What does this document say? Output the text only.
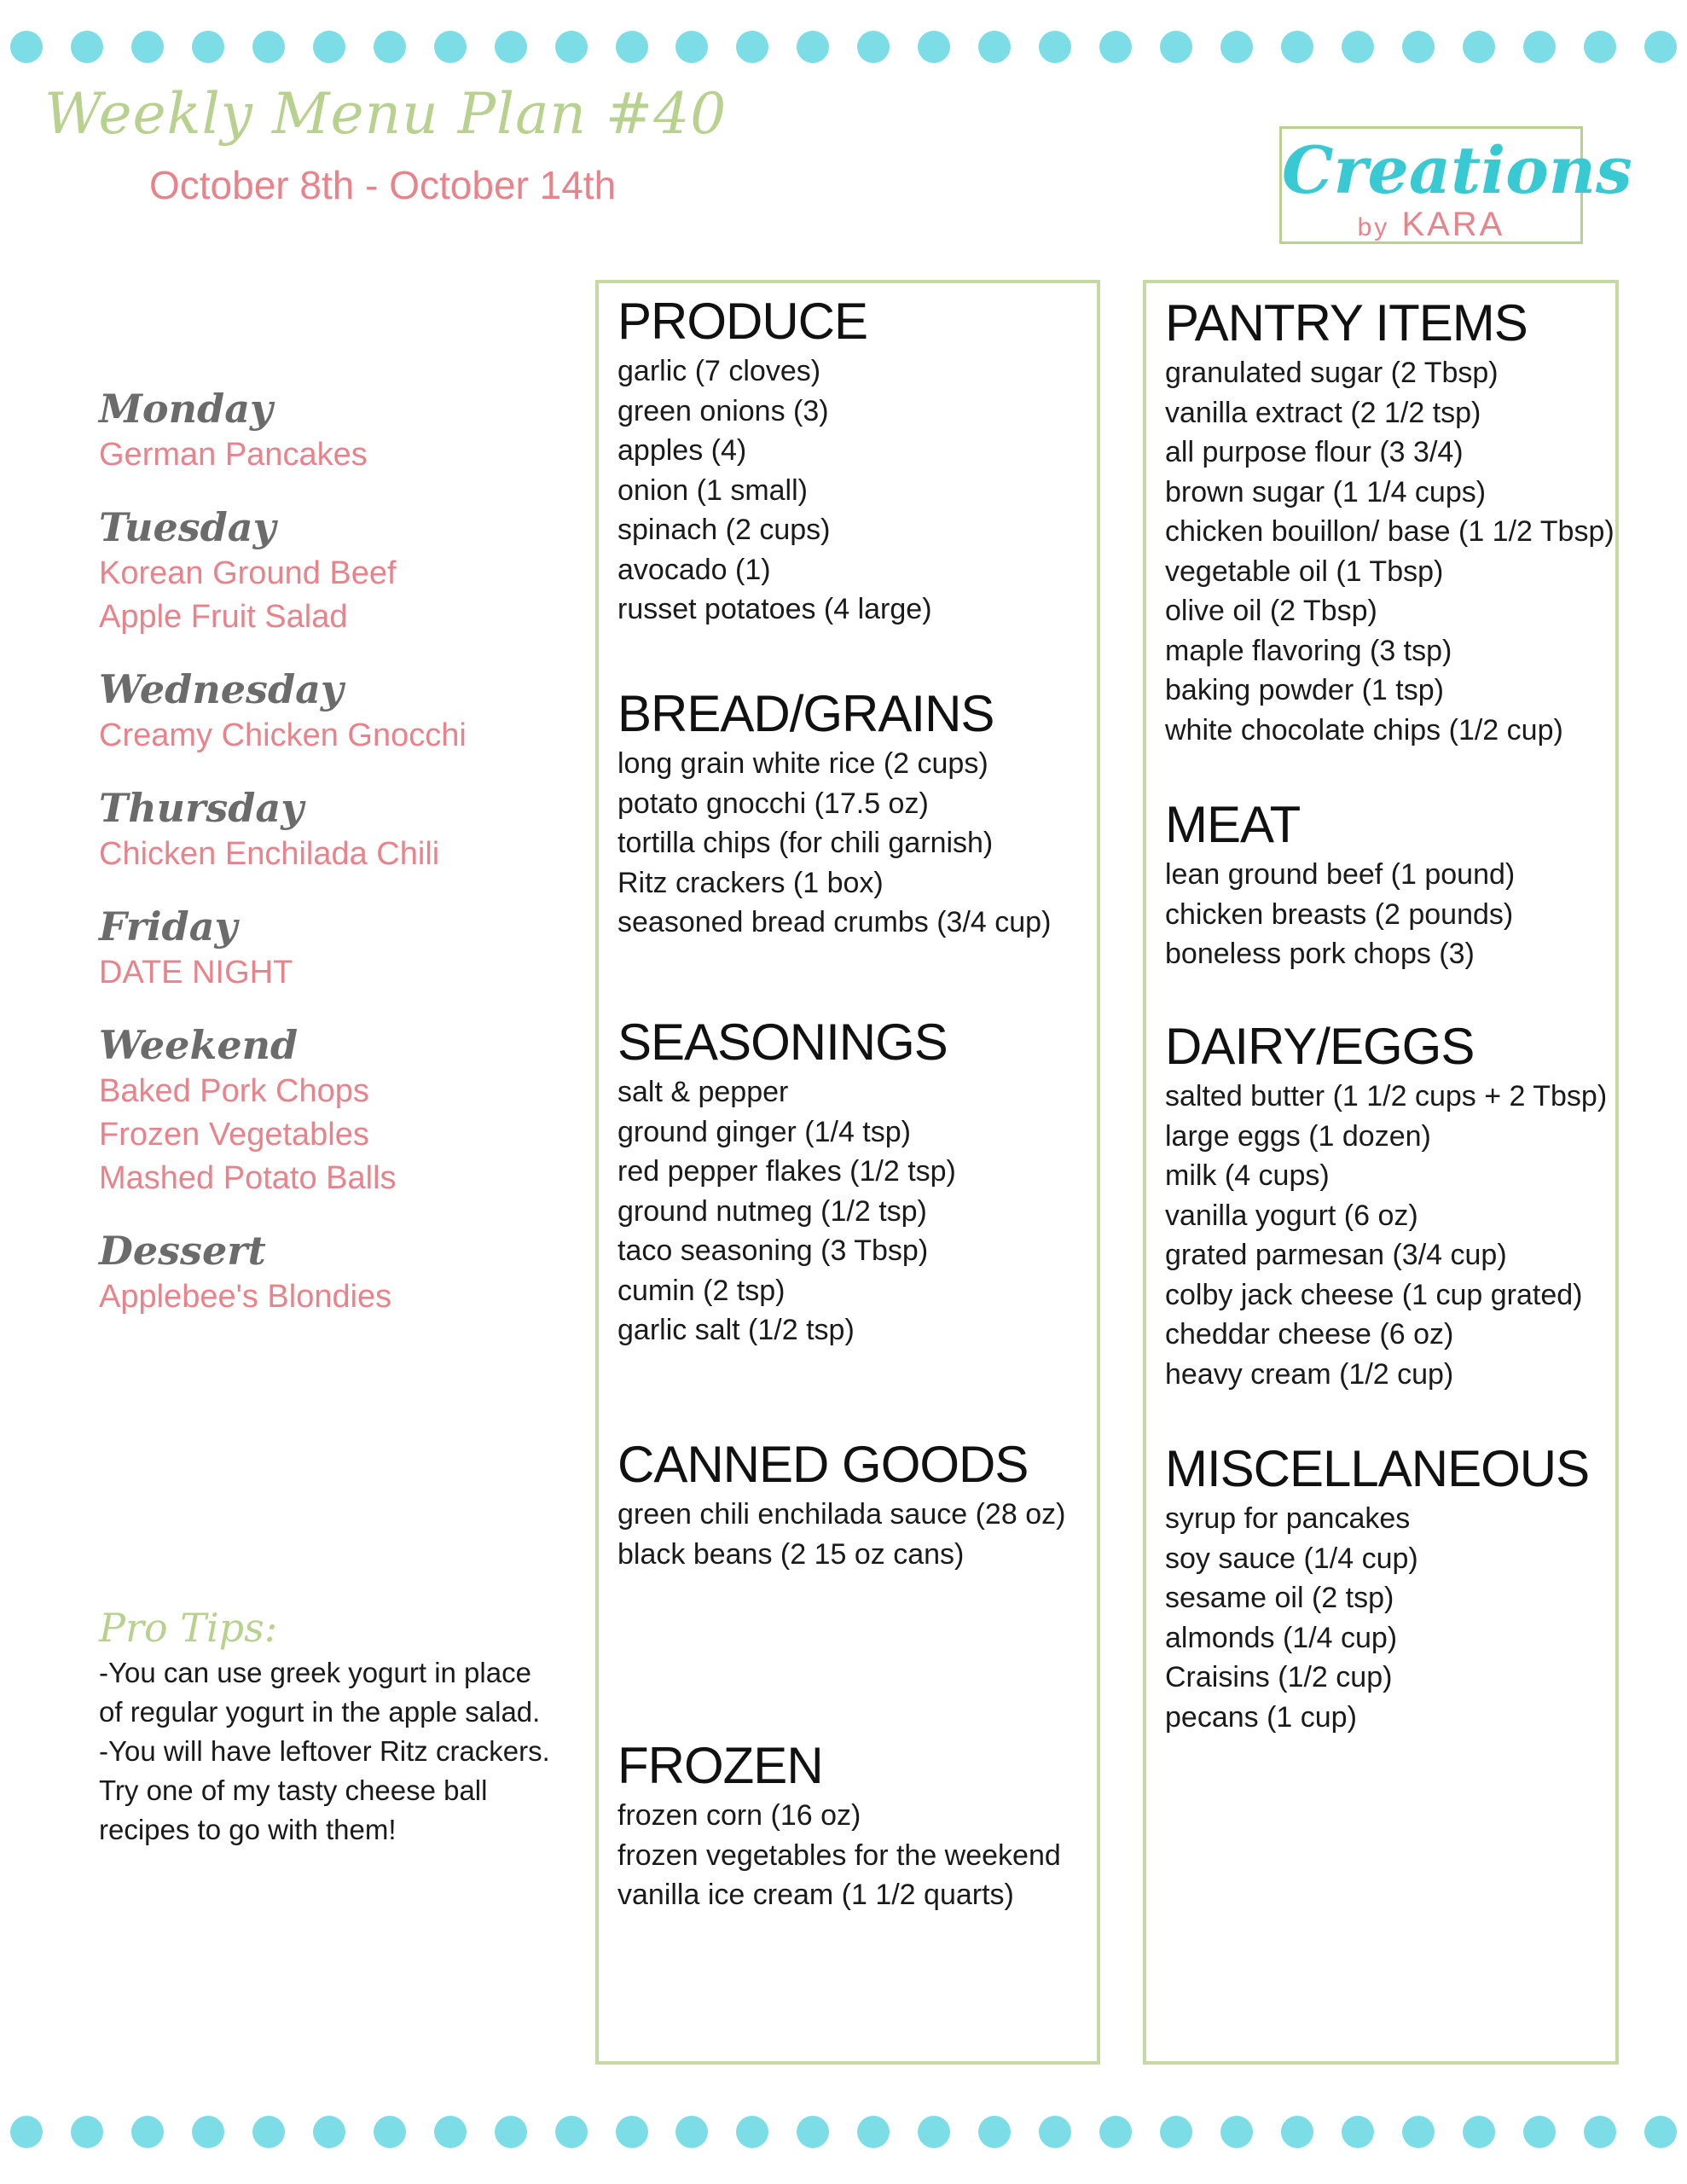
Weekly Menu Plan #40
October 8th - October 14th	Creations
by KARA
Monday
German Pancakes
Tuesday
Korean Ground Beef
Apple Fruit Salad
Wednesday
Creamy Chicken Gnocchi
Thursday
Chicken Enchilada Chili
Friday
DATE NIGHT
Weekend
Baked Pork Chops
Frozen Vegetables
Mashed Potato Balls
Dessert
Applebee's Blondies
Pro Tips:
-You can use greek yogurt in place
of regular yogurt in the apple salad.
-You will have leftover Ritz crackers.
Try one of my tasty cheese ball
recipes to go with them!
PRODUCE
garlic (7 cloves)
green onions (3)
apples (4)
onion (1 small)
spinach (2 cups)
avocado (1)
russet potatoes (4 large)
BREAD/GRAINS
long grain white rice (2 cups)
potato gnocchi (17.5 oz)
tortilla chips (for chili garnish)
Ritz crackers (1 box)
seasoned bread crumbs (3/4 cup)
SEASONINGS
salt & pepper
ground ginger (1/4 tsp)
red pepper flakes (1/2 tsp)
ground nutmeg (1/2 tsp)
taco seasoning (3 Tbsp)
cumin (2 tsp)
garlic salt (1/2 tsp)
CANNED GOODS
green chili enchilada sauce (28 oz)
black beans (2 15 oz cans)
FROZEN
frozen corn (16 oz)
frozen vegetables for the weekend
vanilla ice cream (1 1/2 quarts)
PANTRY ITEMS
granulated sugar (2 Tbsp)
vanilla extract (2 1/2 tsp)
all purpose flour (3 3/4)
brown sugar (1 1/4 cups)
chicken bouillon/ base (1 1/2 Tbsp)
vegetable oil (1 Tbsp)
olive oil (2 Tbsp)
maple flavoring (3 tsp)
baking powder (1 tsp)
white chocolate chips (1/2 cup)
MEAT
lean ground beef (1 pound)
chicken breasts (2 pounds)
boneless pork chops (3)
DAIRY/EGGS
salted butter (1 1/2 cups + 2 Tbsp)
large eggs (1 dozen)
milk (4 cups)
vanilla yogurt (6 oz)
grated parmesan (3/4 cup)
colby jack cheese (1 cup grated)
cheddar cheese (6 oz)
heavy cream (1/2 cup)
MISCELLANEOUS
syrup for pancakes
soy sauce (1/4 cup)
sesame oil (2 tsp)
almonds (1/4 cup)
Craisins (1/2 cup)
pecans (1 cup)
